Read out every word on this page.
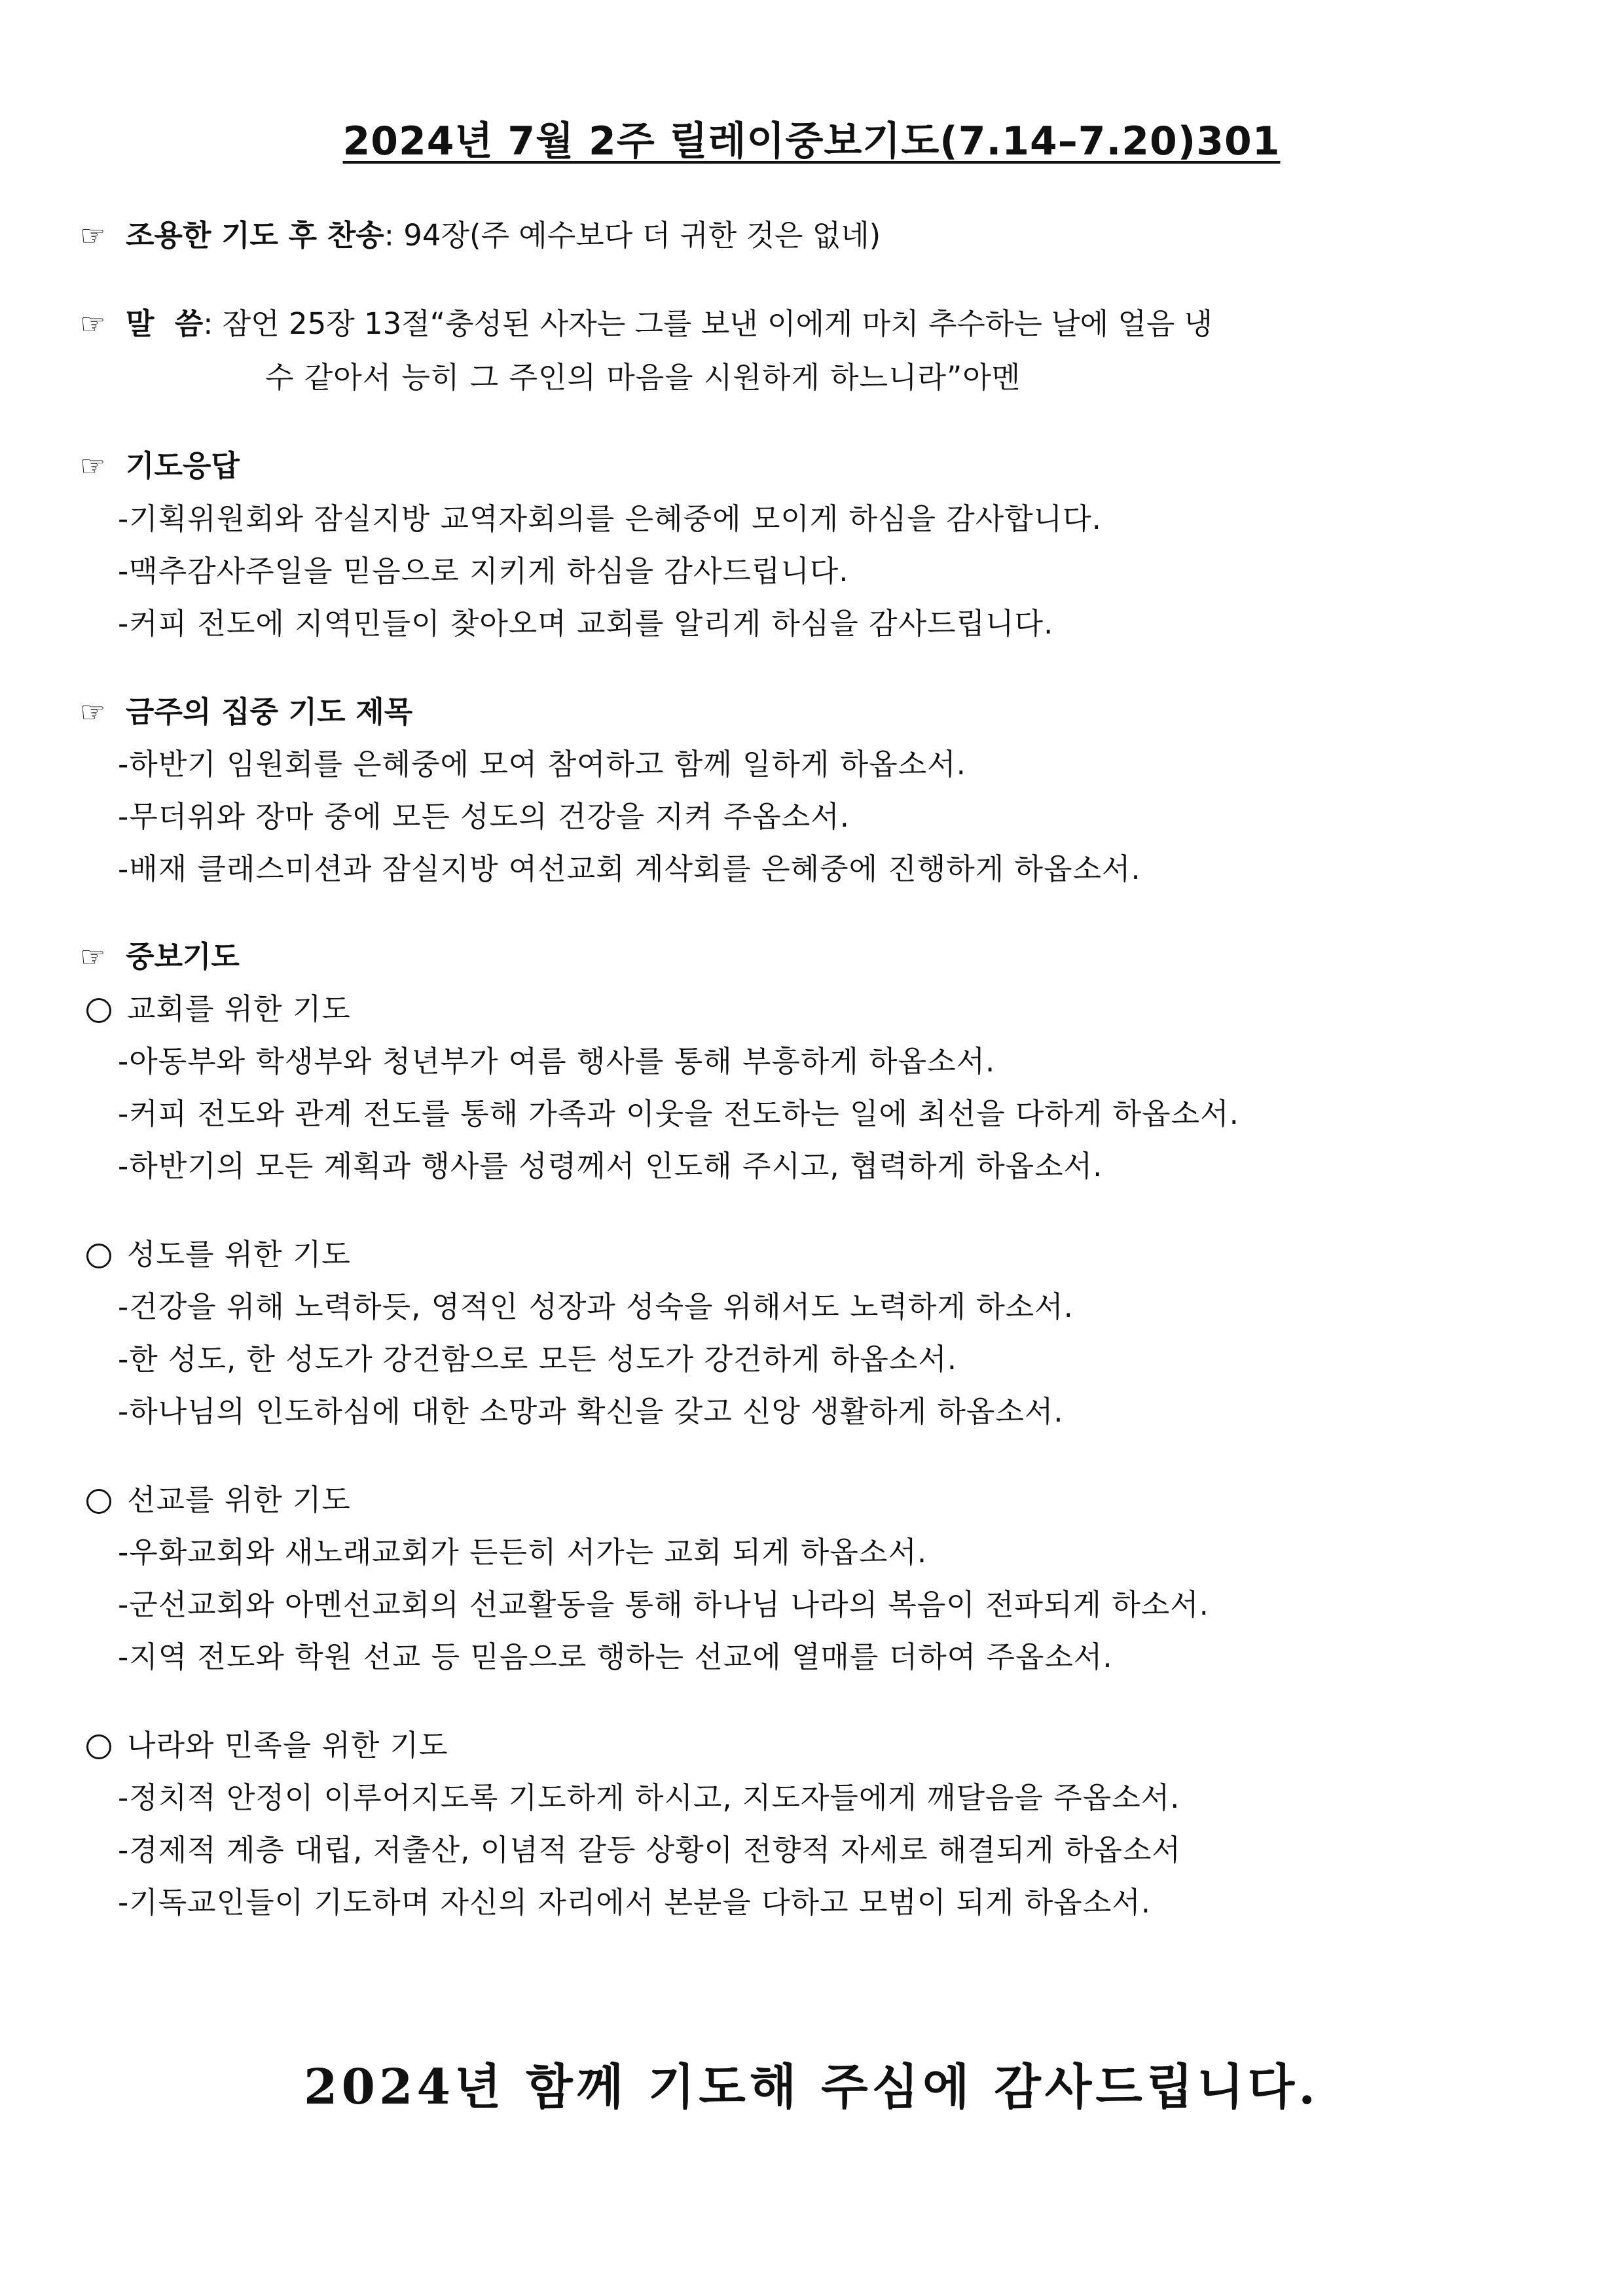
2024년 7월 2주 릴레이중보기도(7.14–7.20)301
☞ 조용한 기도 후 찬송: 94장(주 예수보다 더 귀한 것은 없네)
☞ 말  씀: 잠언 25장 13절“충성된 사자는 그를 보낸 이에게 마치 추수하는 날에 얼음 냉
수 같아서 능히 그 주인의 마음을 시원하게 하느니라”아멘
☞ 기도응답
-기획위원회와 잠실지방 교역자회의를 은혜중에 모이게 하심을 감사합니다.
-맥추감사주일을 믿음으로 지키게 하심을 감사드립니다.
-커피 전도에 지역민들이 찾아오며 교회를 알리게 하심을 감사드립니다.
☞ 금주의 집중 기도 제목
-하반기 임원회를 은혜중에 모여 참여하고 함께 일하게 하옵소서.
-무더위와 장마 중에 모든 성도의 건강을 지켜 주옵소서.
-배재 클래스미션과 잠실지방 여선교회 계삭회를 은혜중에 진행하게 하옵소서.
☞ 중보기도
교회를 위한 기도
-아동부와 학생부와 청년부가 여름 행사를 통해 부흥하게 하옵소서.
-커피 전도와 관계 전도를 통해 가족과 이웃을 전도하는 일에 최선을 다하게 하옵소서.
-하반기의 모든 계획과 행사를 성령께서 인도해 주시고, 협력하게 하옵소서.
성도를 위한 기도
-건강을 위해 노력하듯, 영적인 성장과 성숙을 위해서도 노력하게 하소서.
-한 성도, 한 성도가 강건함으로 모든 성도가 강건하게 하옵소서.
-하나님의 인도하심에 대한 소망과 확신을 갖고 신앙 생활하게 하옵소서.
선교를 위한 기도
-우화교회와 새노래교회가 든든히 서가는 교회 되게 하옵소서.
-군선교회와 아멘선교회의 선교활동을 통해 하나님 나라의 복음이 전파되게 하소서.
-지역 전도와 학원 선교 등 믿음으로 행하는 선교에 열매를 더하여 주옵소서.
나라와 민족을 위한 기도
-정치적 안정이 이루어지도록 기도하게 하시고, 지도자들에게 깨달음을 주옵소서.
-경제적 계층 대립, 저출산, 이념적 갈등 상황이 전향적 자세로 해결되게 하옵소서
-기독교인들이 기도하며 자신의 자리에서 본분을 다하고 모범이 되게 하옵소서.
2024년 함께 기도해 주심에 감사드립니다.
